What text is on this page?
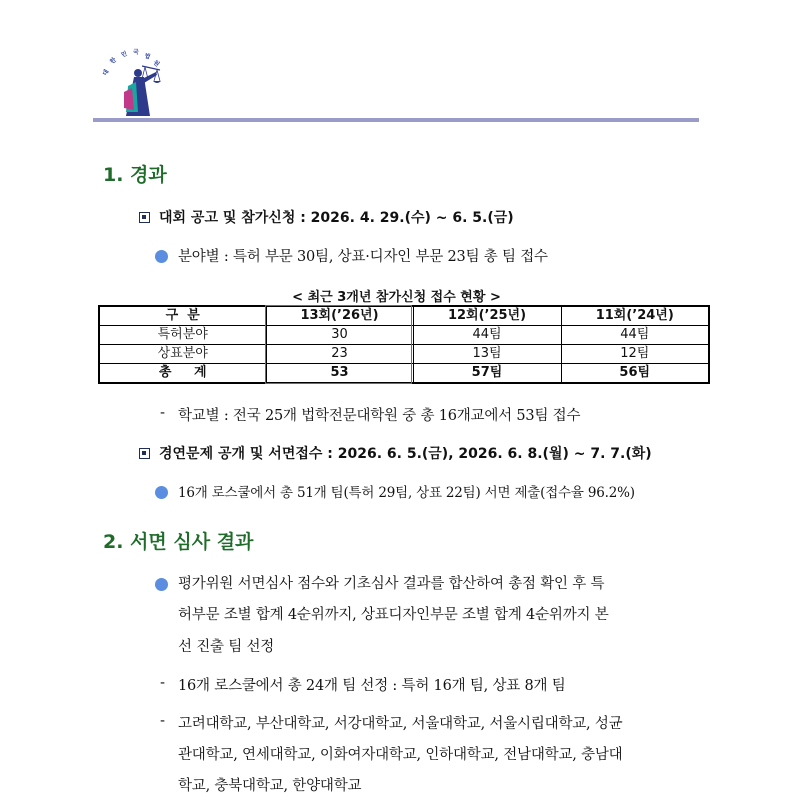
대
한
민 국 법
원
1. 경과
대회 공고 및 참가신청 : 2026. 4. 29.(수) ~ 6. 5.(금)
분야별 : 특허 부문 30팀, 상표·디자인 부문 23팀 총 팀 접수
< 최근 3개년 참가신청 접수 현황 >
구  분	13회(’26년)	12회(’25년)	11회(’24년)
특허분야	30	44팀	44팀
상표분야	23	13팀	12팀
총     계	53	57팀	56팀
- 학교별 : 전국 25개 법학전문대학원 중 총 16개교에서 53팀 접수
경연문제 공개 및 서면접수 : 2026. 6. 5.(금), 2026. 6. 8.(월) ~ 7. 7.(화)
16개 로스쿨에서 총 51개 팀(특허 29팀, 상표 22팀) 서면 제출(접수율 96.2%)
2. 서면 심사 결과
평가위원 서면심사 점수와 기초심사 결과를 합산하여 총점 확인 후 특
허부문 조별 합계 4순위까지, 상표디자인부문 조별 합계 4순위까지 본
선 진출 팀 선정
- 16개 로스쿨에서 총 24개 팀 선정 : 특허 16개 팀, 상표 8개 팀
- 고려대학교, 부산대학교, 서강대학교, 서울대학교, 서울시립대학교, 성균
관대학교, 연세대학교, 이화여자대학교, 인하대학교, 전남대학교, 충남대
학교, 충북대학교, 한양대학교
